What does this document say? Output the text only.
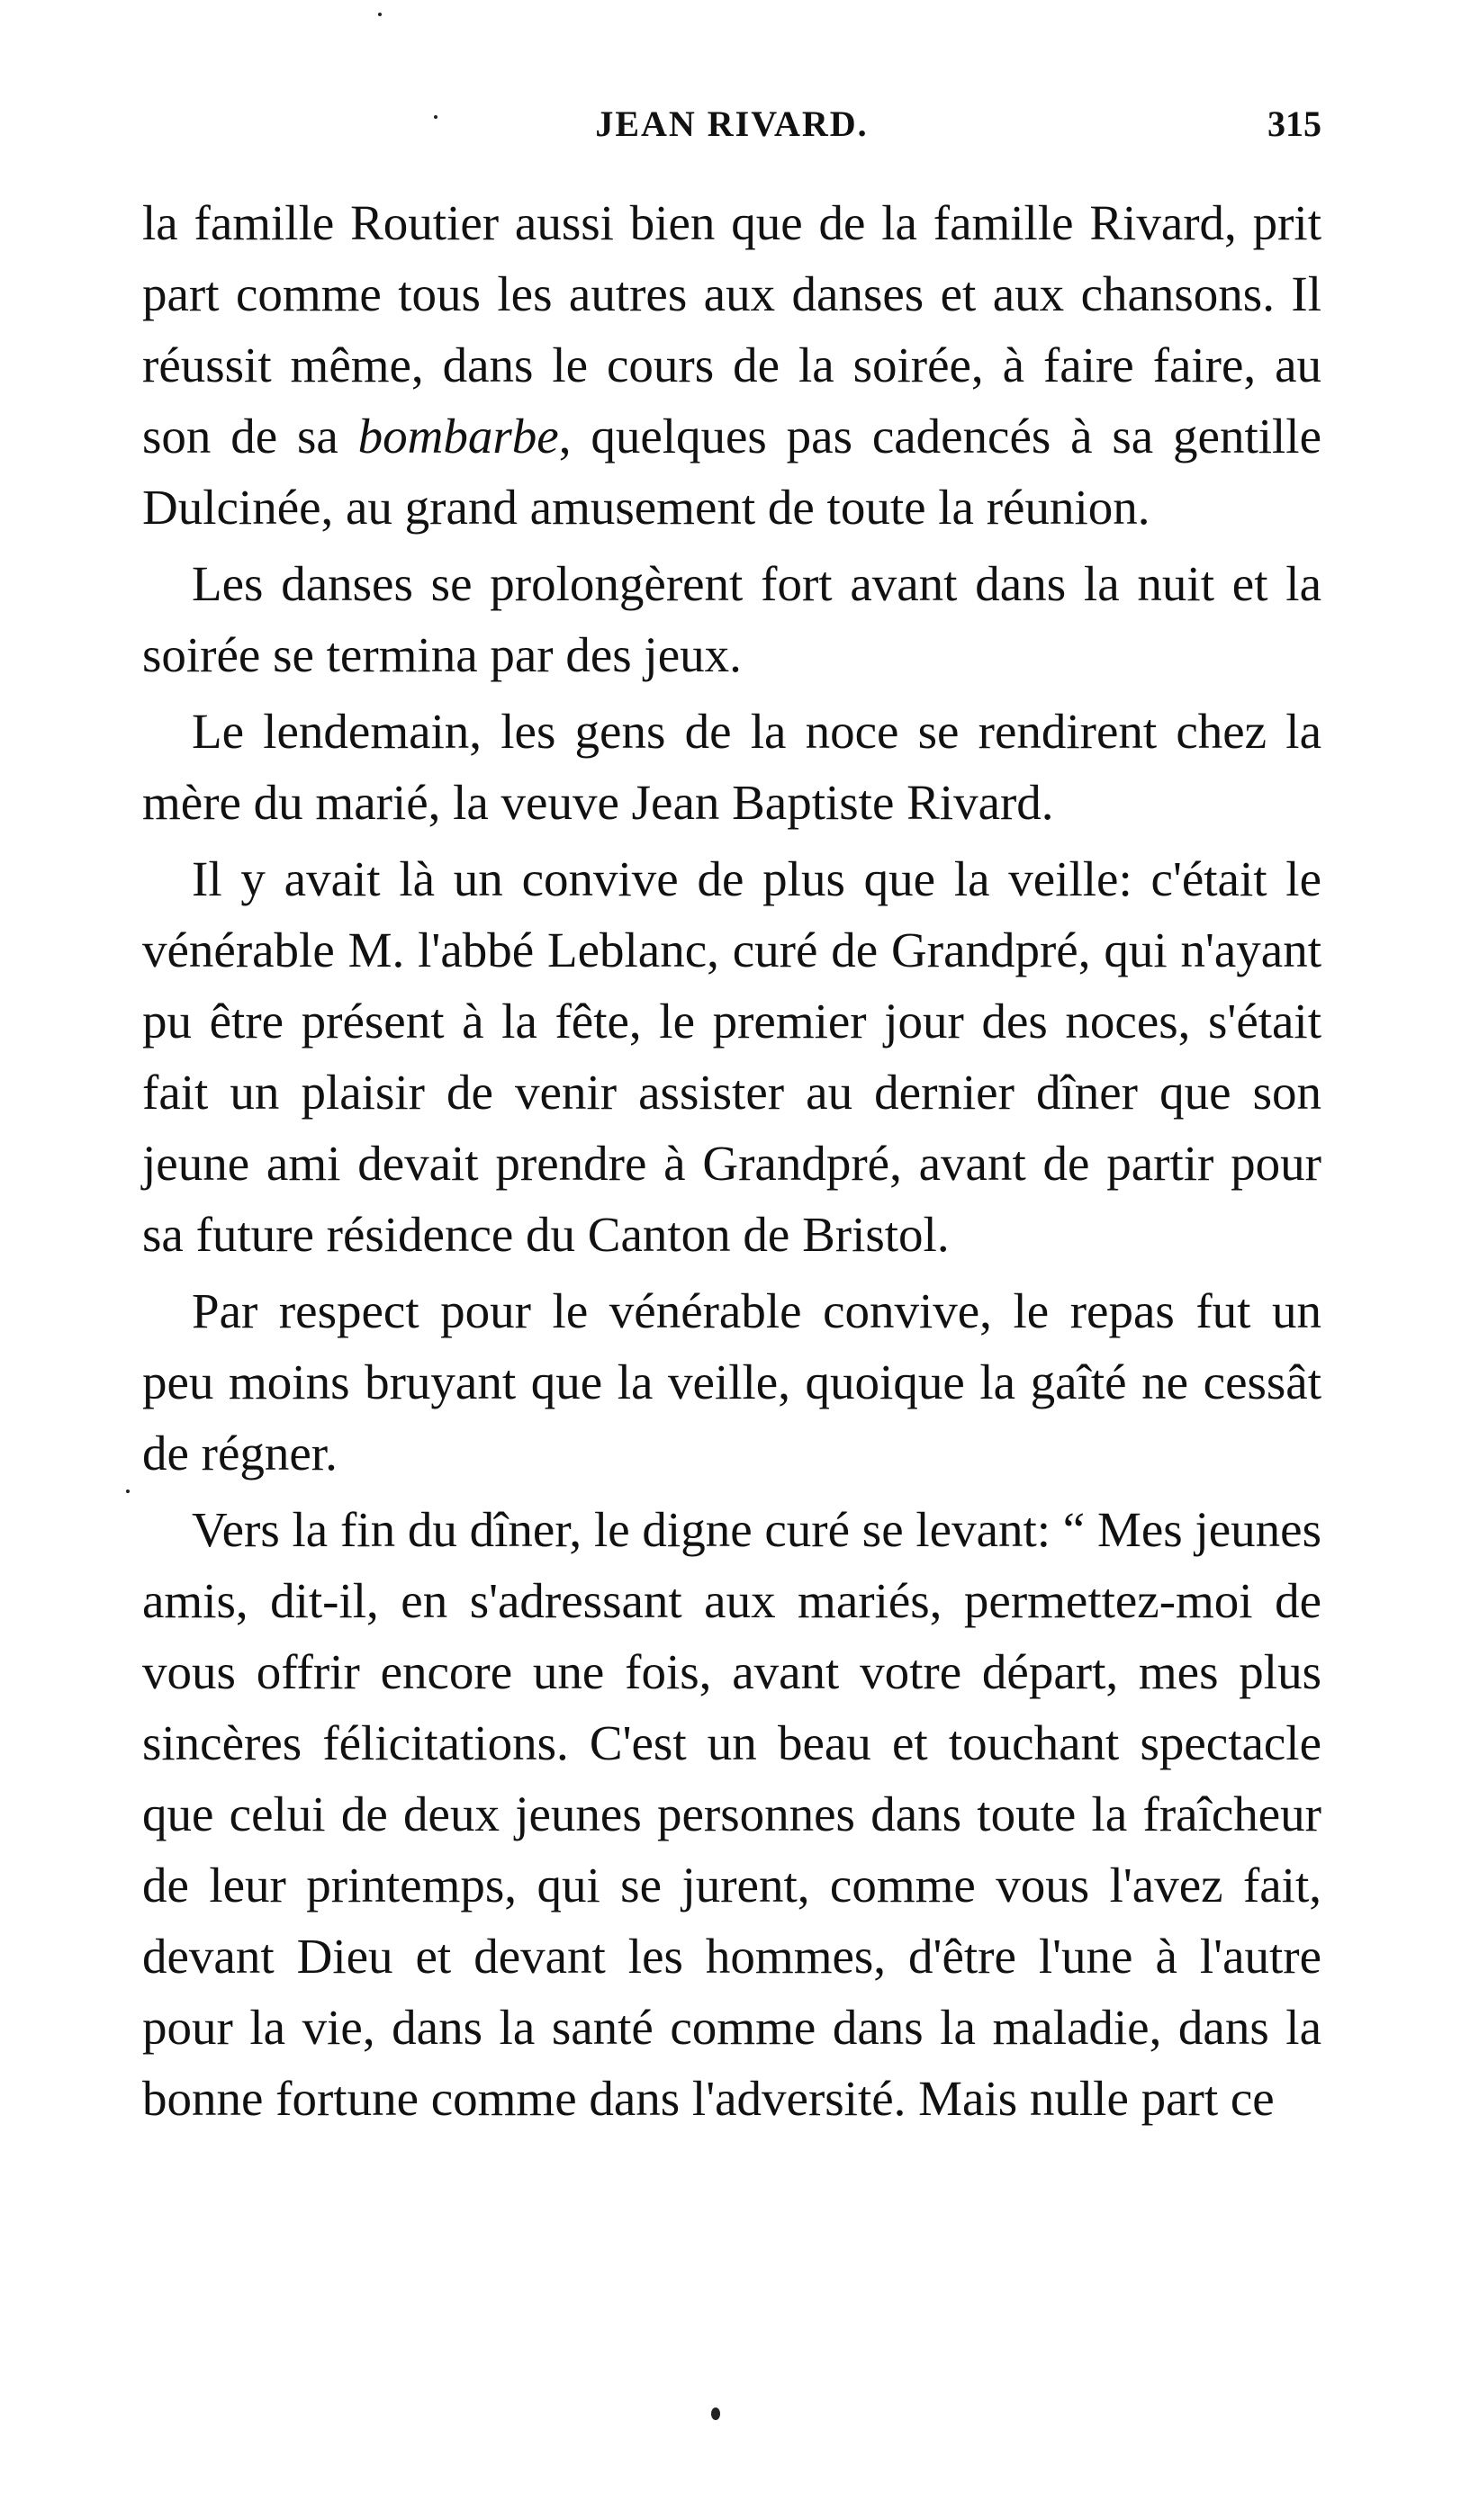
JEAN RIVARD.	315

la famille Routier aussi bien que de la famille Rivard, prit part comme tous les autres aux danses et aux chansons. Il réussit même, dans le cours de la soirée, à faire faire, au son de sa bombarbe, quelques pas cadencés à sa gentille Dulcinée, au grand amusement de toute la réunion.

Les danses se prolongèrent fort avant dans la nuit et la soirée se termina par des jeux.

Le lendemain, les gens de la noce se rendirent chez la mère du marié, la veuve Jean Baptiste Rivard.

Il y avait là un convive de plus que la veille: c'était le vénérable M. l'abbé Leblanc, curé de Grandpré, qui n'ayant pu être présent à la fête, le premier jour des noces, s'était fait un plaisir de venir assister au dernier dîner que son jeune ami devait prendre à Grandpré, avant de partir pour sa future résidence du Canton de Bristol.

Par respect pour le vénérable convive, le repas fut un peu moins bruyant que la veille, quoique la gaîté ne cessât de régner.

Vers la fin du dîner, le digne curé se levant: “ Mes jeunes amis, dit-il, en s'adressant aux mariés, permettez-moi de vous offrir encore une fois, avant votre départ, mes plus sincères félicitations. C'est un beau et touchant spectacle que celui de deux jeunes personnes dans toute la fraîcheur de leur printemps, qui se jurent, comme vous l'avez fait, devant Dieu et devant les hommes, d'être l'une à l'autre pour la vie, dans la santé comme dans la maladie, dans la bonne fortune comme dans l'adversité. Mais nulle part ce
